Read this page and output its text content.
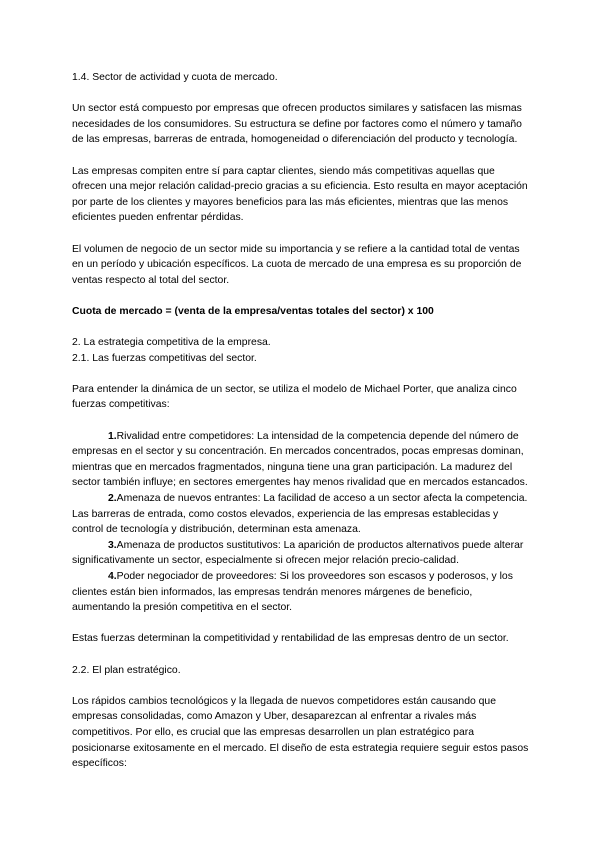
1.4. Sector de actividad y cuota de mercado.

Un sector está compuesto por empresas que ofrecen productos similares y satisfacen las mismas necesidades de los consumidores. Su estructura se define por factores como el número y tamaño de las empresas, barreras de entrada, homogeneidad o diferenciación del producto y tecnología.

Las empresas compiten entre sí para captar clientes, siendo más competitivas aquellas que ofrecen una mejor relación calidad-precio gracias a su eficiencia. Esto resulta en mayor aceptación por parte de los clientes y mayores beneficios para las más eficientes, mientras que las menos eficientes pueden enfrentar pérdidas.

El volumen de negocio de un sector mide su importancia y se refiere a la cantidad total de ventas en un período y ubicación específicos. La cuota de mercado de una empresa es su proporción de ventas respecto al total del sector.

Cuota de mercado = (venta de la empresa/ventas totales del sector) x 100

2. La estrategia competitiva de la empresa.

2.1. Las fuerzas competitivas del sector.

Para entender la dinámica de un sector, se utiliza el modelo de Michael Porter, que analiza cinco fuerzas competitivas:

1.Rivalidad entre competidores: La intensidad de la competencia depende del número de empresas en el sector y su concentración. En mercados concentrados, pocas empresas dominan, mientras que en mercados fragmentados, ninguna tiene una gran participación. La madurez del sector también influye; en sectores emergentes hay menos rivalidad que en mercados estancados.

2.Amenaza de nuevos entrantes: La facilidad de acceso a un sector afecta la competencia. Las barreras de entrada, como costos elevados, experiencia de las empresas establecidas y control de tecnología y distribución, determinan esta amenaza.

3.Amenaza de productos sustitutivos: La aparición de productos alternativos puede alterar significativamente un sector, especialmente si ofrecen mejor relación precio-calidad.

4.Poder negociador de proveedores: Si los proveedores son escasos y poderosos, y los clientes están bien informados, las empresas tendrán menores márgenes de beneficio, aumentando la presión competitiva en el sector.

Estas fuerzas determinan la competitividad y rentabilidad de las empresas dentro de un sector.

2.2. El plan estratégico.

Los rápidos cambios tecnológicos y la llegada de nuevos competidores están causando que empresas consolidadas, como Amazon y Uber, desaparezcan al enfrentar a rivales más competitivos. Por ello, es crucial que las empresas desarrollen un plan estratégico para posicionarse exitosamente en el mercado. El diseño de esta estrategia requiere seguir estos pasos específicos:
